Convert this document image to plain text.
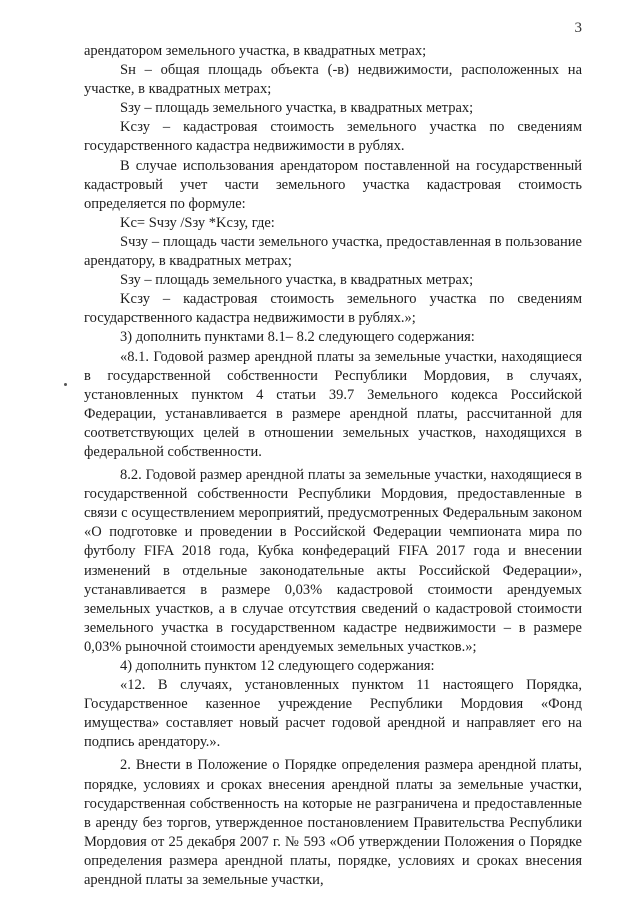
3

арендатором земельного участка, в квадратных метрах;

Sн – общая площадь объекта (-в) недвижимости, расположенных на участке, в квадратных метрах;

Sзу – площадь земельного участка, в квадратных метрах;

Kсзу – кадастровая стоимость земельного участка по сведениям государственного кадастра недвижимости в рублях.

В случае использования арендатором поставленной на государственный кадастровый учет части земельного участка кадастровая стоимость определяется по формуле:

Kс= Sчзу /Sзу *Kсзу, где:

Sчзу – площадь части земельного участка, предоставленная в пользование арендатору, в квадратных метрах;

Sзу – площадь земельного участка, в квадратных метрах;

Kсзу – кадастровая стоимость земельного участка по сведениям государственного кадастра недвижимости в рублях.»;

3) дополнить пунктами 8.1– 8.2 следующего содержания:

«8.1. Годовой размер арендной платы за земельные участки, находящиеся в государственной собственности Республики Мордовия, в случаях, установленных пунктом 4 статьи 39.7 Земельного кодекса Российской Федерации, устанавливается в размере арендной платы, рассчитанной для соответствующих целей в отношении земельных участков, находящихся в федеральной собственности.

8.2. Годовой размер арендной платы за земельные участки, находящиеся в государственной собственности Республики Мордовия, предоставленные в связи с осуществлением мероприятий, предусмотренных Федеральным законом «О подготовке и проведении в Российской Федерации чемпионата мира по футболу FIFA 2018 года, Кубка конфедераций FIFA 2017 года и внесении изменений в отдельные законодательные акты Российской Федерации», устанавливается в размере 0,03% кадастровой стоимости арендуемых земельных участков, а в случае отсутствия сведений о кадастровой стоимости земельного участка в государственном кадастре недвижимости – в размере 0,03% рыночной стоимости арендуемых земельных участков.»;

4) дополнить пунктом 12 следующего содержания:

«12. В случаях, установленных пунктом 11 настоящего Порядка, Государственное казенное учреждение Республики Мордовия «Фонд имущества» составляет новый расчет годовой арендной и направляет его на подпись арендатору.».

2. Внести в Положение о Порядке определения размера арендной платы, порядке, условиях и сроках внесения арендной платы за земельные участки, государственная собственность на которые не разграничена и предоставленные в аренду без торгов, утвержденное постановлением Правительства Республики Мордовия от 25 декабря 2007 г. № 593 «Об утверждении Положения о Порядке определения размера арендной платы, порядке, условиях и сроках внесения арендной платы за земельные участки,
